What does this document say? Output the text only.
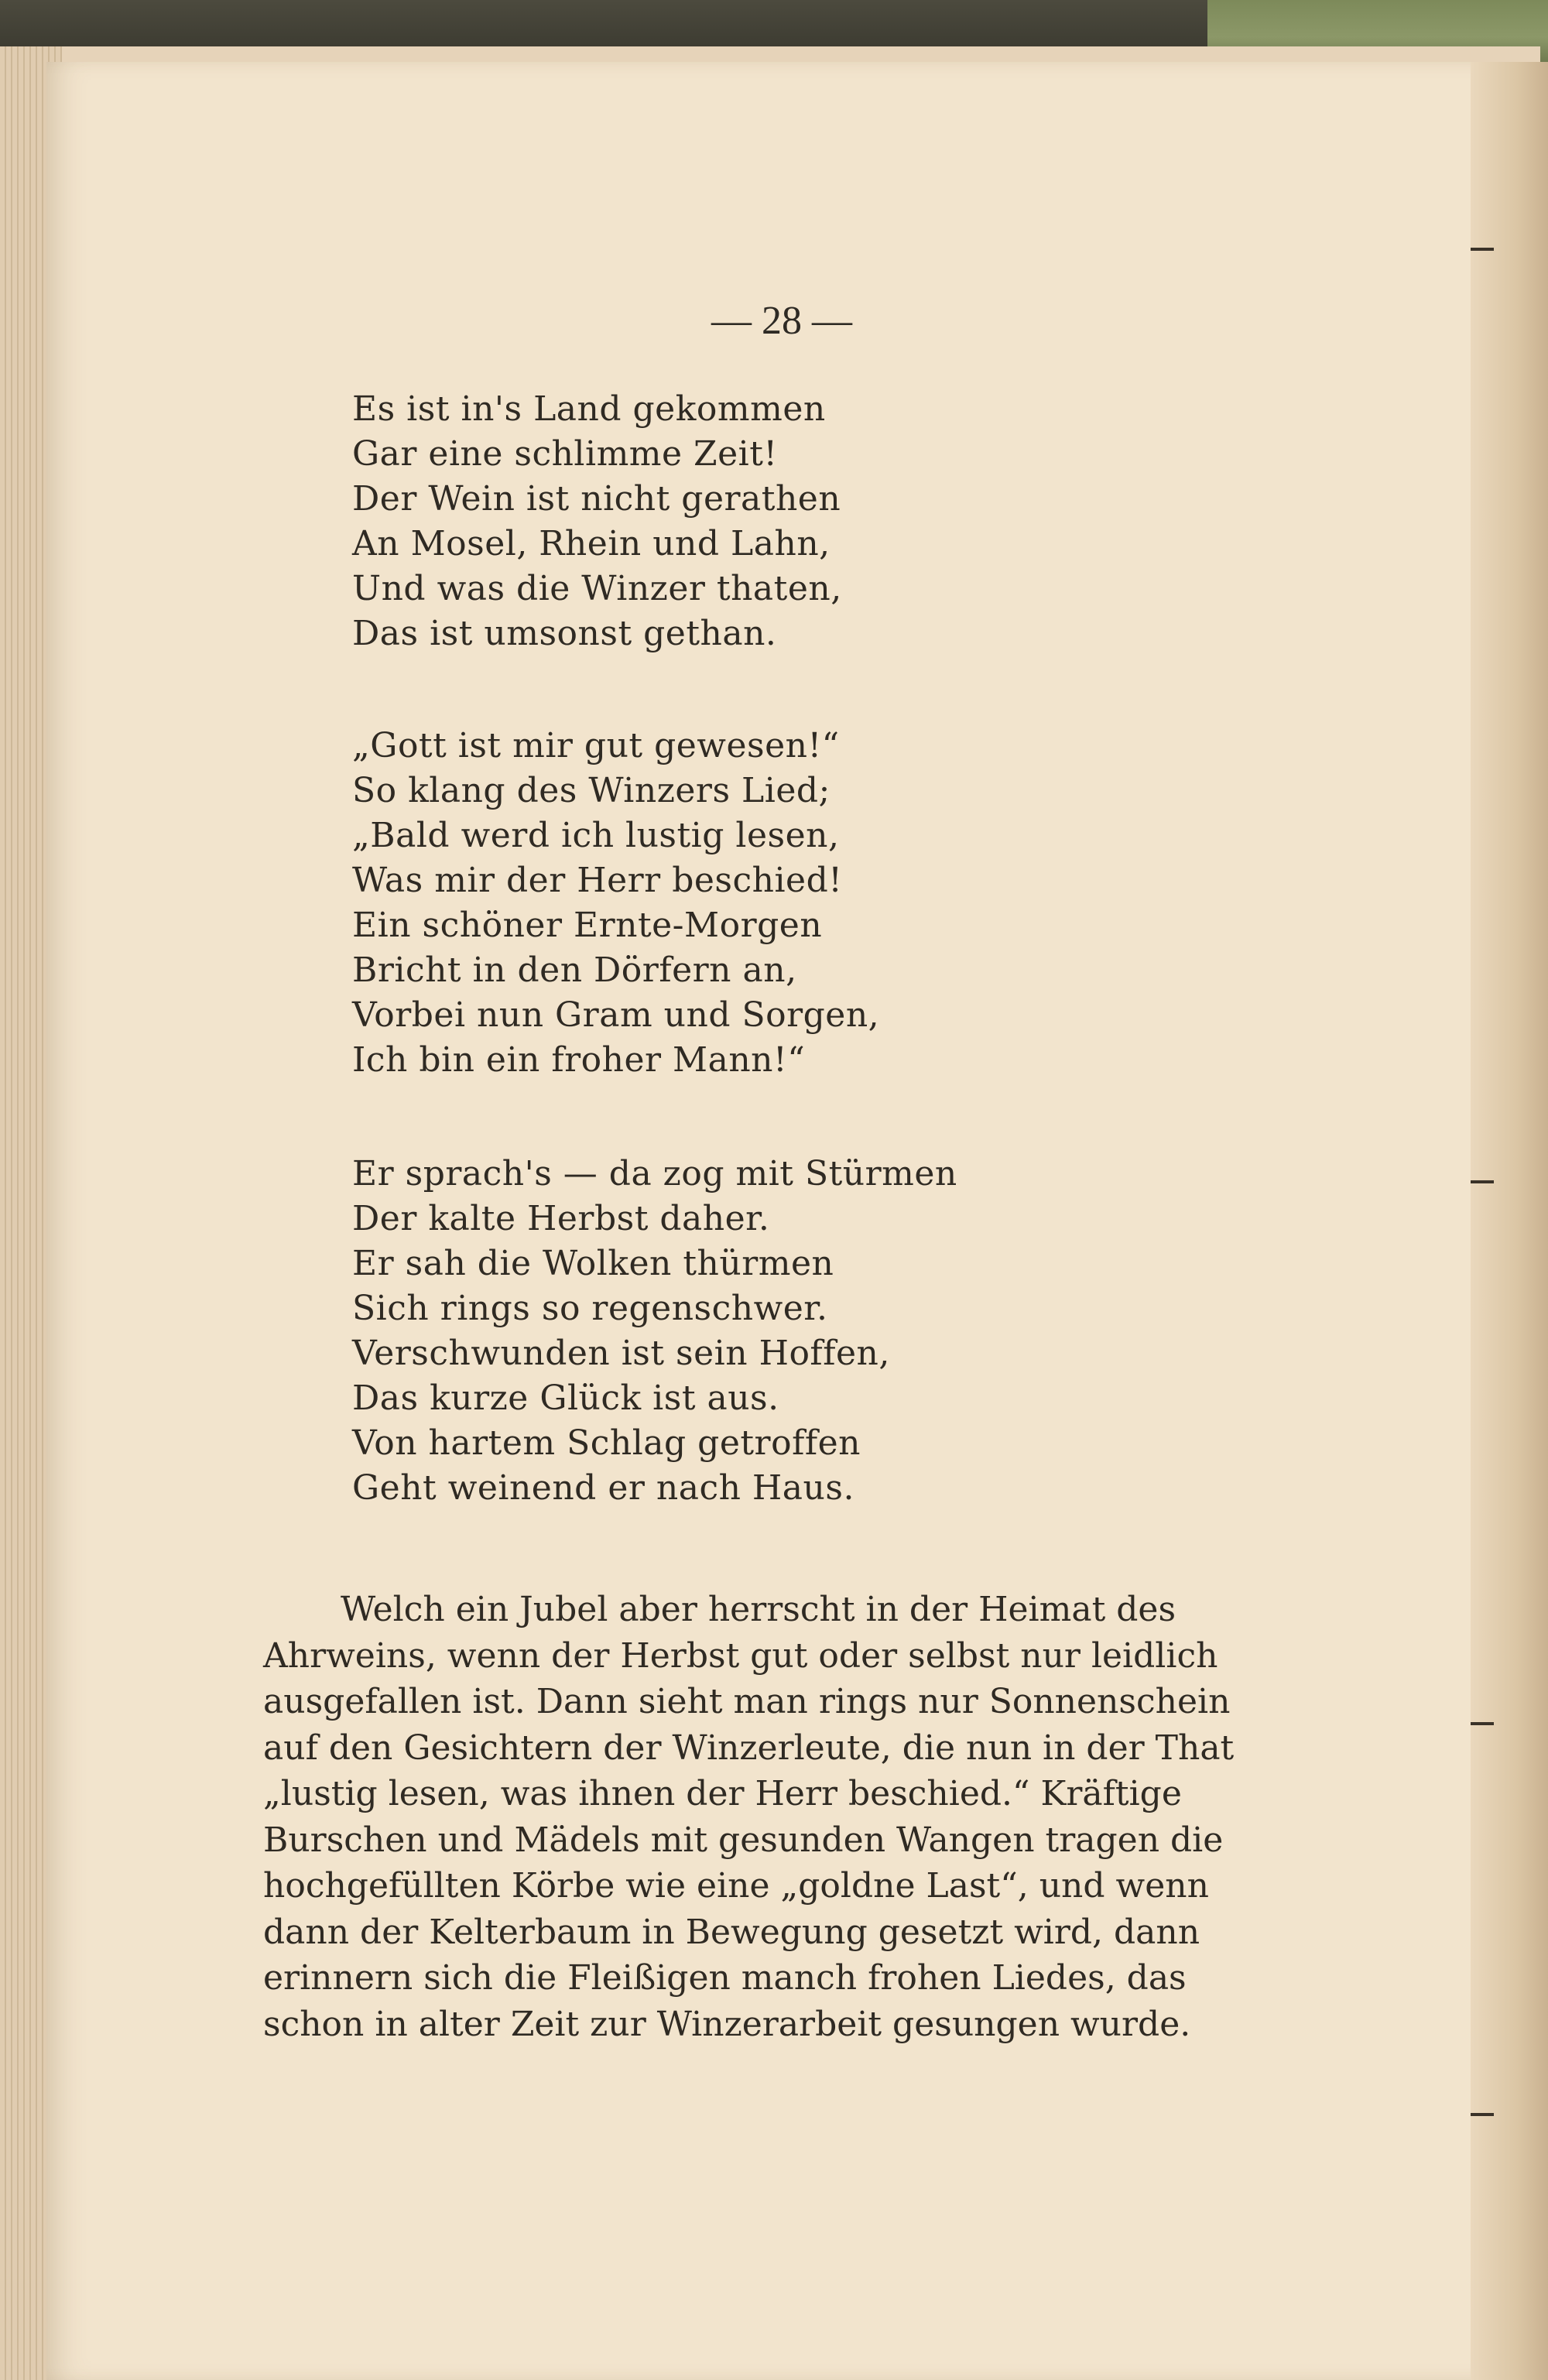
— 28 —
Es ist in's Land gekommen
Gar eine schlimme Zeit!
Der Wein ist nicht gerathen
An Mosel, Rhein und Lahn,
Und was die Winzer thaten,
Das ist umsonst gethan.
„Gott ist mir gut gewesen!“
So klang des Winzers Lied;
„Bald werd ich lustig lesen,
Was mir der Herr beschied!
Ein schöner Ernte-Morgen
Bricht in den Dörfern an,
Vorbei nun Gram und Sorgen,
Ich bin ein froher Mann!“
Er sprach's — da zog mit Stürmen
Der kalte Herbst daher.
Er sah die Wolken thürmen
Sich rings so regenschwer.
Verschwunden ist sein Hoffen,
Das kurze Glück ist aus.
Von hartem Schlag getroffen
Geht weinend er nach Haus.
Welch ein Jubel aber herrscht in der Heimat des
Ahrweins, wenn der Herbst gut oder selbst nur leidlich
ausgefallen ist. Dann sieht man rings nur Sonnenschein
auf den Gesichtern der Winzerleute, die nun in der That
„lustig lesen, was ihnen der Herr beschied.“ Kräftige
Burschen und Mädels mit gesunden Wangen tragen die
hochgefüllten Körbe wie eine „goldne Last“, und wenn
dann der Kelterbaum in Bewegung gesetzt wird, dann
erinnern sich die Fleißigen manch frohen Liedes, das
schon in alter Zeit zur Winzerarbeit gesungen wurde.
